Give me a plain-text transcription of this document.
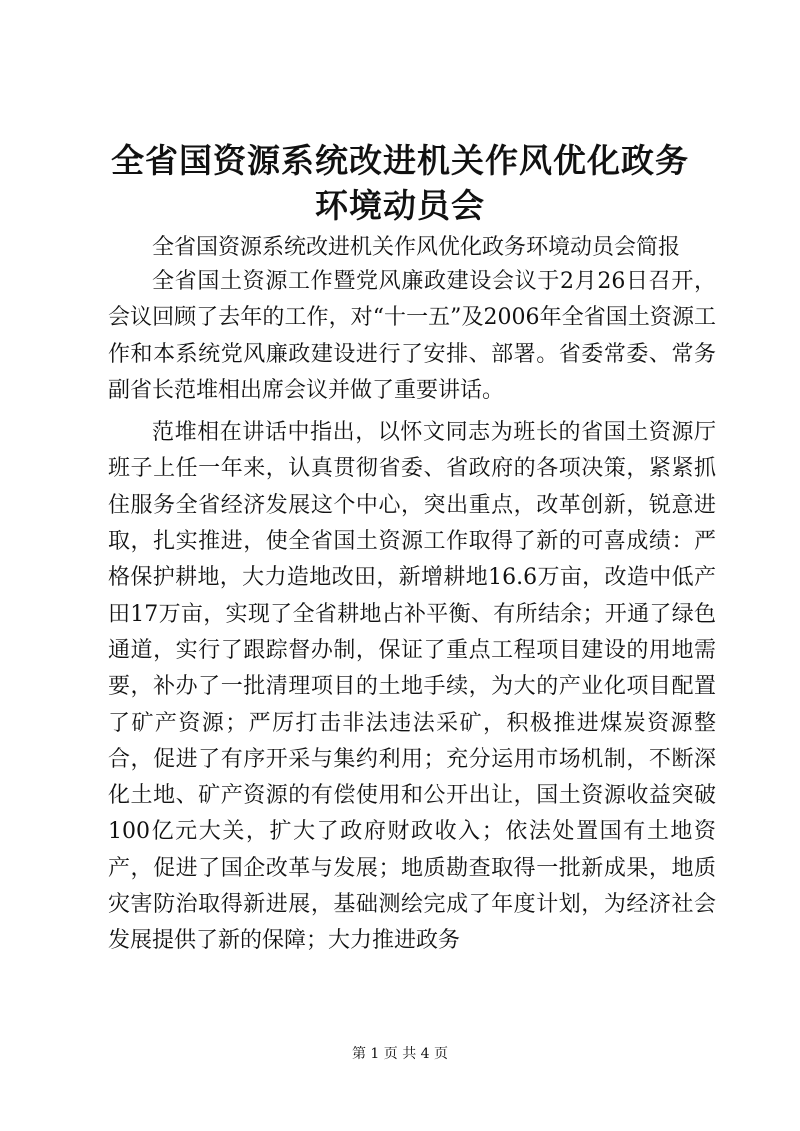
全省国资源系统改进机关作风优化政务环境动员会

全省国资源系统改进机关作风优化政务环境动员会简报

全省国土资源工作暨党风廉政建设会议于2月26日召开，会议回顾了去年的工作，对“十一五”及2006年全省国土资源工作和本系统党风廉政建设进行了安排、部署。省委常委、常务副省长范堆相出席会议并做了重要讲话。

范堆相在讲话中指出，以怀文同志为班长的省国土资源厅班子上任一年来，认真贯彻省委、省政府的各项决策，紧紧抓住服务全省经济发展这个中心，突出重点，改革创新，锐意进取，扎实推进，使全省国土资源工作取得了新的可喜成绩：严格保护耕地，大力造地改田，新增耕地16.6万亩，改造中低产田17万亩，实现了全省耕地占补平衡、有所结余；开通了绿色通道，实行了跟踪督办制，保证了重点工程项目建设的用地需要，补办了一批清理项目的土地手续，为大的产业化项目配置了矿产资源；严厉打击非法违法采矿，积极推进煤炭资源整合，促进了有序开采与集约利用；充分运用市场机制，不断深化土地、矿产资源的有偿使用和公开出让，国土资源收益突破100亿元大关，扩大了政府财政收入；依法处置国有土地资产，促进了国企改革与发展；地质勘查取得一批新成果，地质灾害防治取得新进展，基础测绘完成了年度计划，为经济社会发展提供了新的保障；大力推进政务

第 1 页 共 4 页
